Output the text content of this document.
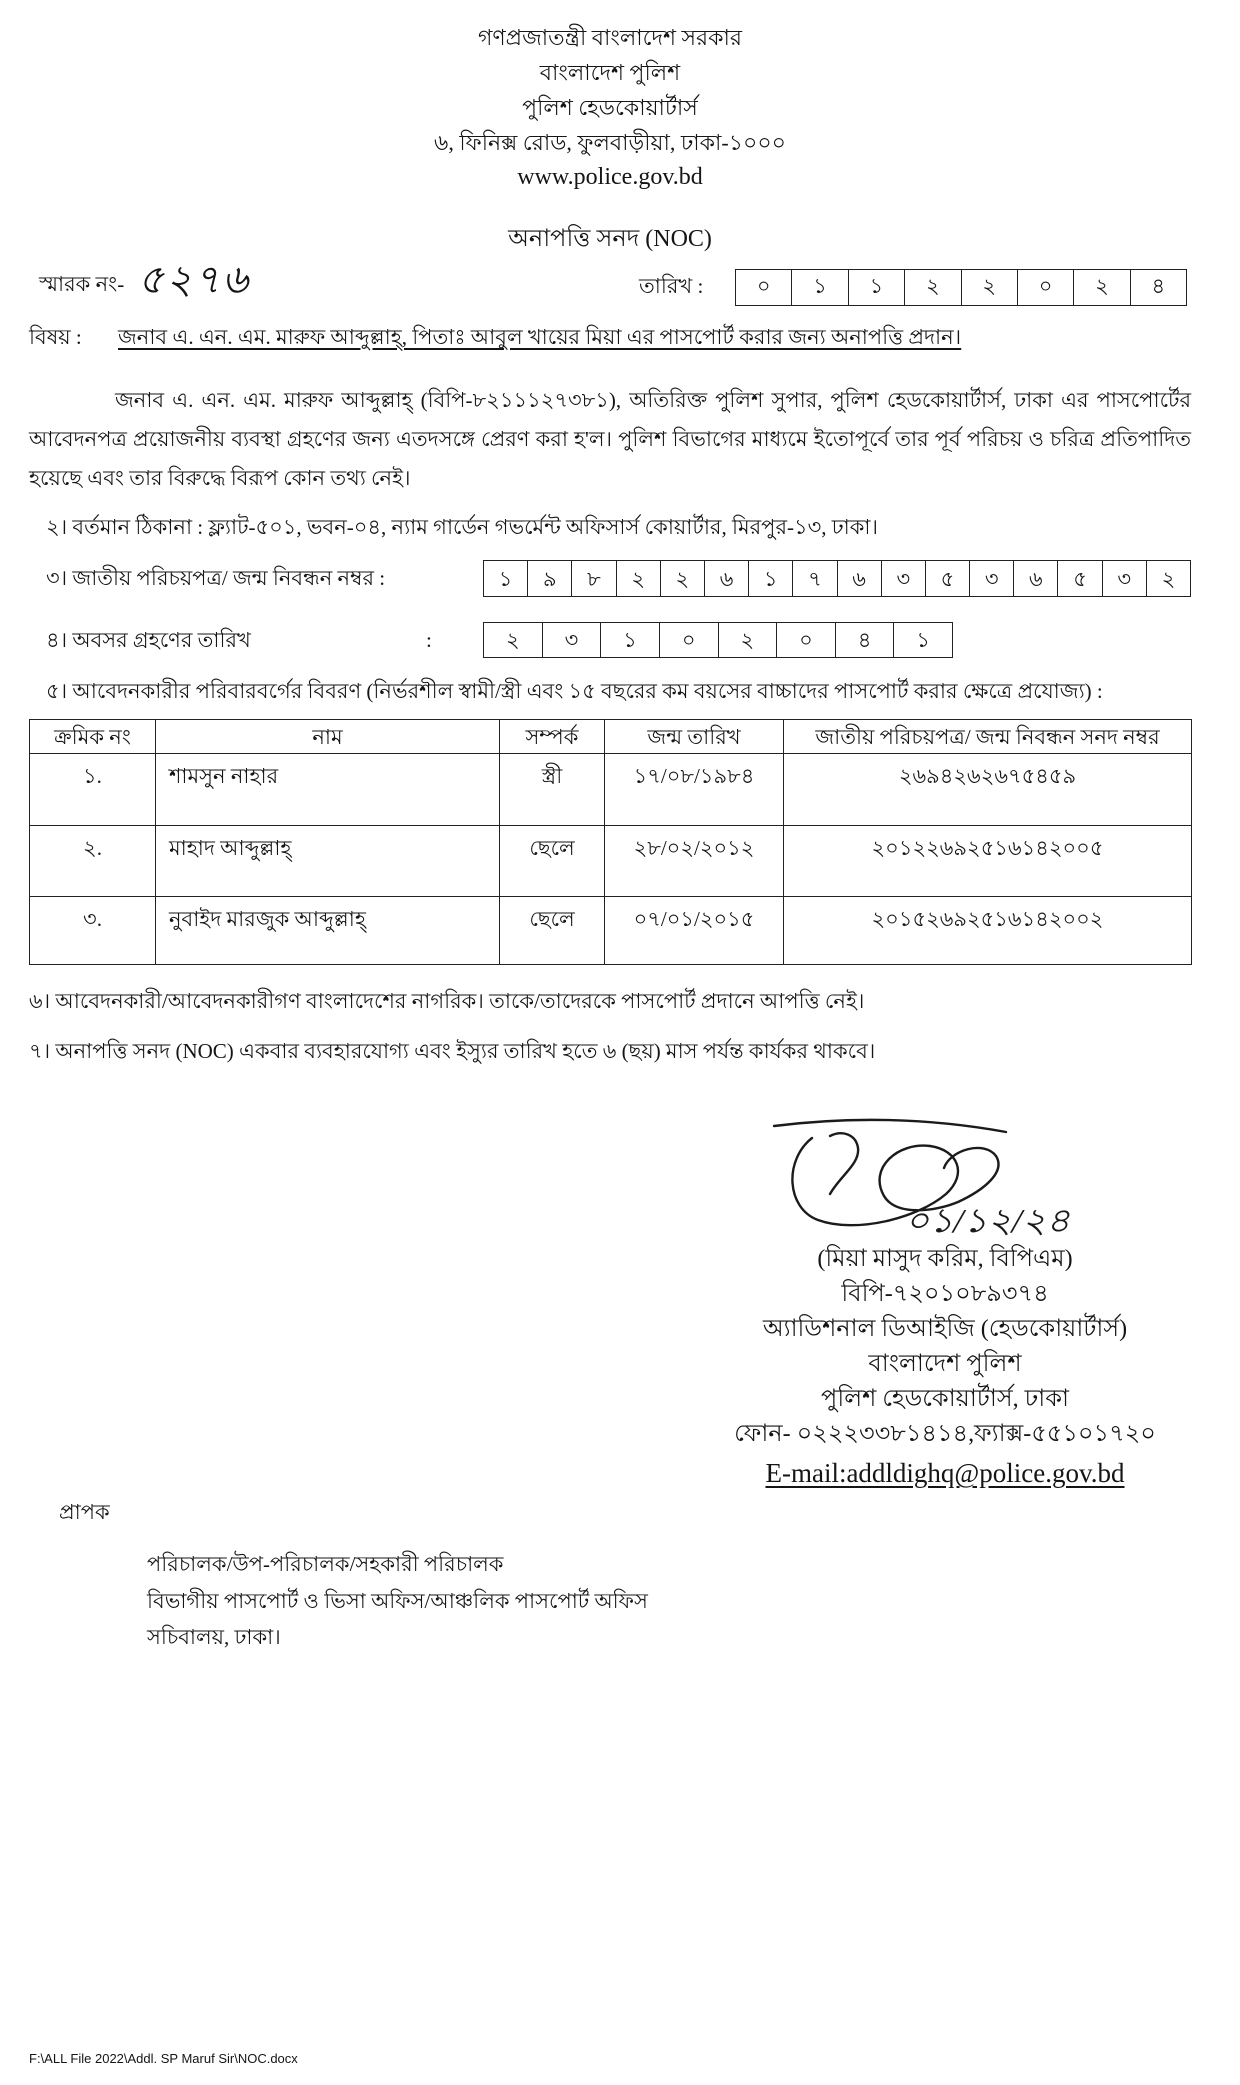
গণপ্রজাতন্ত্রী বাংলাদেশ সরকার
বাংলাদেশ পুলিশ
পুলিশ হেডকোয়ার্টার্স
৬, ফিনিক্স রোড, ফুলবাড়ীয়া, ঢাকা-১০০০
www.police.gov.bd
অনাপত্তি সনদ (NOC)
স্মারক নং- ৫২৭৬	তারিখ :	০	১	১	২	২	০	২	৪
বিষয় : জনাব এ. এন. এম. মারুফ আব্দুল্লাহ্, পিতাঃ আবুল খায়ের মিয়া এর পাসপোর্ট করার জন্য অনাপত্তি প্রদান।
জনাব এ. এন. এম. মারুফ আব্দুল্লাহ্ (বিপি-৮২১১১২৭৩৮১), অতিরিক্ত পুলিশ সুপার, পুলিশ হেডকোয়ার্টার্স, ঢাকা এর পাসপোর্টের আবেদনপত্র প্রয়োজনীয় ব্যবস্থা গ্রহণের জন্য এতদসঙ্গে প্রেরণ করা হ'ল। পুলিশ বিভাগের মাধ্যমে ইতোপূর্বে তার পূর্ব পরিচয় ও চরিত্র প্রতিপাদিত হয়েছে এবং তার বিরুদ্ধে বিরূপ কোন তথ্য নেই।
২। বর্তমান ঠিকানা : ফ্ল্যাট-৫০১, ভবন-০৪, ন্যাম গার্ডেন গভর্মেন্ট অফিসার্স কোয়ার্টার, মিরপুর-১৩, ঢাকা।
৩। জাতীয় পরিচয়পত্র/ জন্ম নিবন্ধন নম্বর :	১	৯	৮	২	২	৬	১	৭	৬	৩	৫	৩	৬	৫	৩	২
৪। অবসর গ্রহণের তারিখ	:	২	৩	১	০	২	০	৪	১
৫। আবেদনকারীর পরিবারবর্গের বিবরণ (নির্ভরশীল স্বামী/স্ত্রী এবং ১৫ বছরের কম বয়সের বাচ্চাদের পাসপোর্ট করার ক্ষেত্রে প্রযোজ্য) :
ক্রমিক নং	নাম	সম্পর্ক	জন্ম তারিখ	জাতীয় পরিচয়পত্র/ জন্ম নিবন্ধন সনদ নম্বর
১.	শামসুন নাহার	স্ত্রী	১৭/০৮/১৯৮৪	২৬৯৪২৬২৬৭৫৪৫৯
২.	মাহাদ আব্দুল্লাহ্	ছেলে	২৮/০২/২০১২	২০১২২৬৯২৫১৬১৪২০০৫
৩.	নুবাইদ মারজুক আব্দুল্লাহ্	ছেলে	০৭/০১/২০১৫	২০১৫২৬৯২৫১৬১৪২০০২
৬। আবেদনকারী/আবেদনকারীগণ বাংলাদেশের নাগরিক। তাকে/তাদেরকে পাসপোর্ট প্রদানে আপত্তি নেই।
৭। অনাপত্তি সনদ (NOC) একবার ব্যবহারযোগ্য এবং ইস্যুর তারিখ হতে ৬ (ছয়) মাস পর্যন্ত কার্যকর থাকবে।
০১/১২/২৪
(মিয়া মাসুদ করিম, বিপিএম)
বিপি-৭২০১০৮৯৩৭৪
অ্যাডিশনাল ডিআইজি (হেডকোয়ার্টার্স)
বাংলাদেশ পুলিশ
পুলিশ হেডকোয়ার্টার্স, ঢাকা
ফোন- ০২২২৩৩৮১৪১৪,ফ্যাক্স-৫৫১০১৭২০
E-mail:addldighq@police.gov.bd
প্রাপক
পরিচালক/উপ-পরিচালক/সহকারী পরিচালক
বিভাগীয় পাসপোর্ট ও ভিসা অফিস/আঞ্চলিক পাসপোর্ট অফিস
সচিবালয়, ঢাকা।
F:\ALL File 2022\Addl. SP Maruf Sir\NOC.docx
